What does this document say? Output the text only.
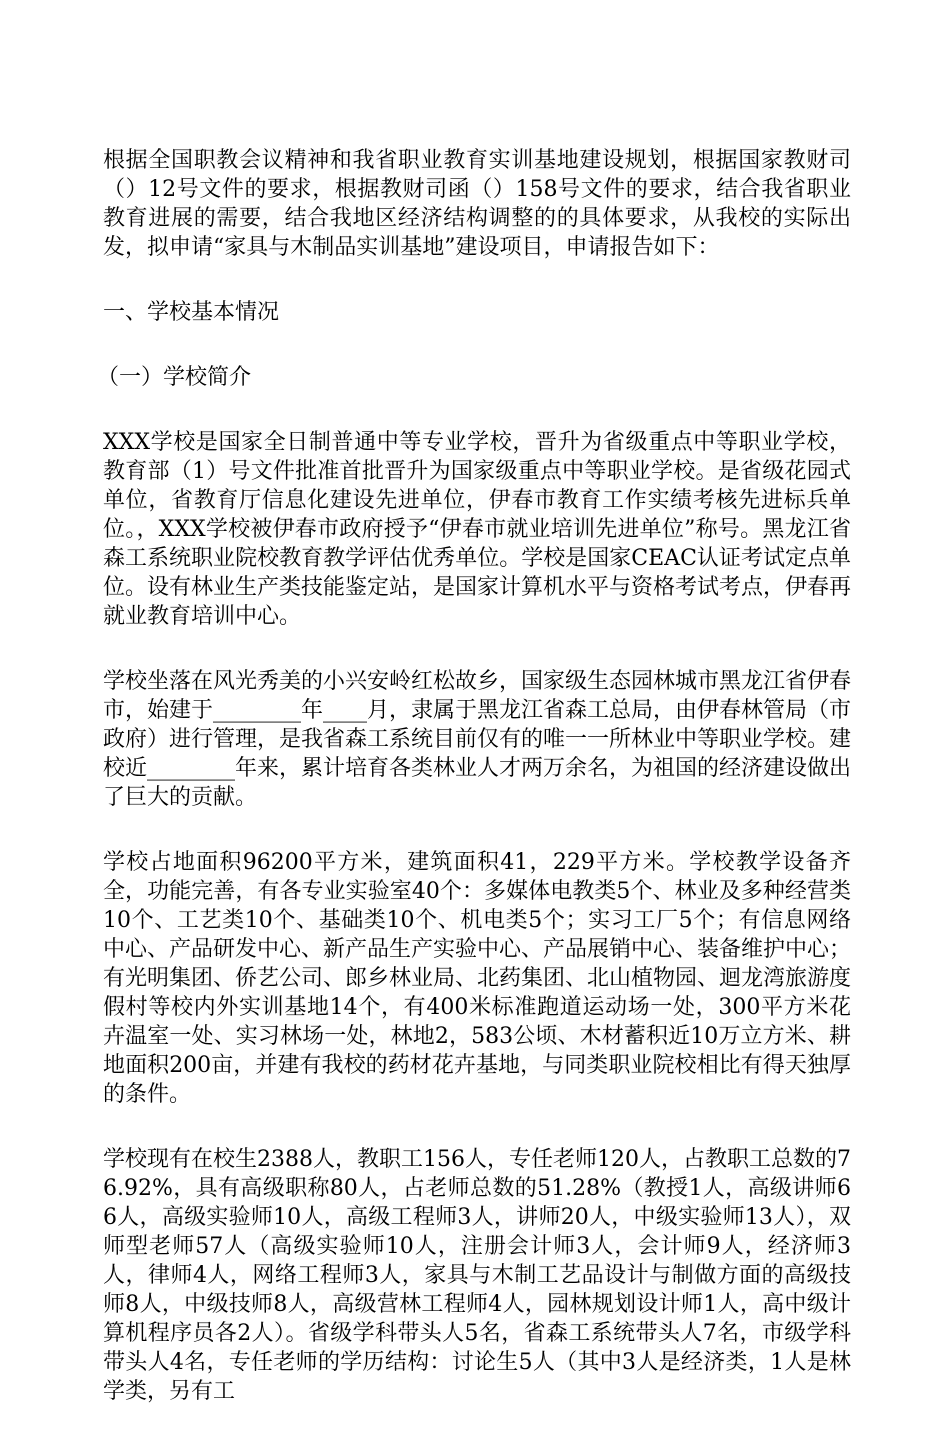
根据全国职教会议精神和我省职业教育实训基地建设规划，根据国家教财司（）12号文件的要求，根据教财司函（）158号文件的要求，结合我省职业教育进展的需要，结合我地区经济结构调整的的具体要求，从我校的实际出发，拟申请“家具与木制品实训基地”建设项目，申请报告如下：

一、学校基本情况

（一）学校简介

XXX学校是国家全日制普通中等专业学校，晋升为省级重点中等职业学校，教育部（1）号文件批准首批晋升为国家级重点中等职业学校。是省级花园式单位，省教育厅信息化建设先进单位，伊春市教育工作实绩考核先进标兵单位。，XXX学校被伊春市政府授予“伊春市就业培训先进单位”称号。黑龙江省森工系统职业院校教育教学评估优秀单位。学校是国家CEAC认证考试定点单位。设有林业生产类技能鉴定站，是国家计算机水平与资格考试考点，伊春再就业教育培训中心。

学校坐落在风光秀美的小兴安岭红松故乡，国家级生态园林城市黑龙江省伊春市，始建于________年____月，隶属于黑龙江省森工总局，由伊春林管局（市政府）进行管理，是我省森工系统目前仅有的唯一一所林业中等职业学校。建校近________年来，累计培育各类林业人才两万余名，为祖国的经济建设做出了巨大的贡献。

学校占地面积96200平方米，建筑面积41，229平方米。学校教学设备齐全，功能完善，有各专业实验室40个：多媒体电教类5个、林业及多种经营类10个、工艺类10个、基础类10个、机电类5个；实习工厂5个；有信息网络中心、产品研发中心、新产品生产实验中心、产品展销中心、装备维护中心；有光明集团、侨艺公司、郎乡林业局、北药集团、北山植物园、迴龙湾旅游度假村等校内外实训基地14个，有400米标准跑道运动场一处，300平方米花卉温室一处、实习林场一处，林地2，583公顷、木材蓄积近10万立方米、耕地面积200亩，并建有我校的药材花卉基地，与同类职业院校相比有得天独厚的条件。

学校现有在校生2388人，教职工156人，专任老师120人，占教职工总数的76.92%，具有高级职称80人，占老师总数的51.28%（教授1人，高级讲师66人，高级实验师10人，高级工程师3人，讲师20人，中级实验师13人），双师型老师57人（高级实验师10人，注册会计师3人，会计师9人，经济师3人，律师4人，网络工程师3人，家具与木制工艺品设计与制做方面的高级技师8人，中级技师8人，高级营林工程师4人，园林规划设计师1人，高中级计算机程序员各2人）。省级学科带头人5名，省森工系统带头人7名，市级学科带头人4名，专任老师的学历结构：讨论生5人（其中3人是经济类，1人是林学类，另有工
